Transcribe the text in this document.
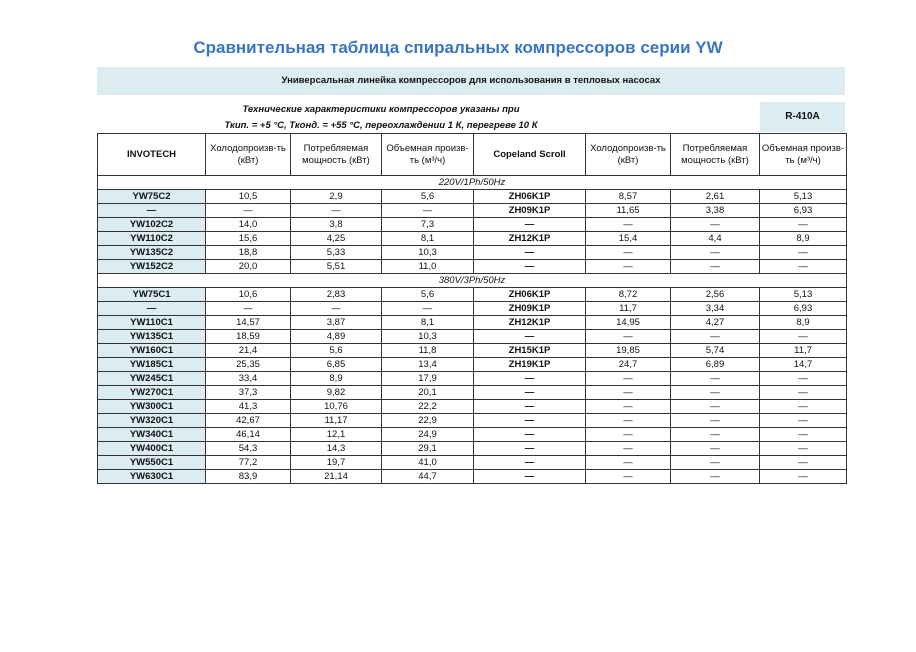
Сравнительная таблица спиральных компрессоров серии YW
Универсальная линейка компрессоров для использования в тепловых насосах
Технические характеристики компрессоров указаны при
Ткип. = +5 °С, Тконд. = +55 °С, переохлаждении 1 К, перегреве 10 К
R-410A
INVOTECH	Холодопроизв-ть (кВт)	Потребляемая мощность (кВт)	Объемная произв-ть (м³/ч)	Copeland Scroll	Холодопроизв-ть (кВт)	Потребляемая мощность (кВт)	Объемная произв-ть (м³/ч)
220V/1Ph/50Hz							
YW75C2	10,5	2,9	5,6	ZH06K1P	8,57	2,61	5,13
—	—	—	—	ZH09K1P	11,65	3,38	6,93
YW102C2	14,0	3,8	7,3	—	—	—	—
YW110C2	15,6	4,25	8,1	ZH12K1P	15,4	4,4	8,9
YW135C2	18,8	5,33	10,3	—	—	—	—
YW152C2	20,0	5,51	11,0	—	—	—	—
380V/3Ph/50Hz							
YW75C1	10,6	2,83	5,6	ZH06K1P	8,72	2,56	5,13
—	—	—	—	ZH09K1P	11,7	3,34	6,93
YW110C1	14,57	3,87	8,1	ZH12K1P	14,95	4,27	8,9
YW135C1	18,59	4,89	10,3	—	—	—	—
YW160C1	21,4	5,6	11,8	ZH15K1P	19,85	5,74	11,7
YW185C1	25,35	6,85	13,4	ZH19K1P	24,7	6,89	14,7
YW245C1	33,4	8,9	17,9	—	—	—	—
YW270C1	37,3	9,82	20,1	—	—	—	—
YW300C1	41,3	10,76	22,2	—	—	—	—
YW320C1	42,67	11,17	22,9	—	—	—	—
YW340C1	46,14	12,1	24,9	—	—	—	—
YW400C1	54,3	14,3	29,1	—	—	—	—
YW550C1	77,2	19,7	41,0	—	—	—	—
YW630C1	83,9	21,14	44,7	—	—	—	—
